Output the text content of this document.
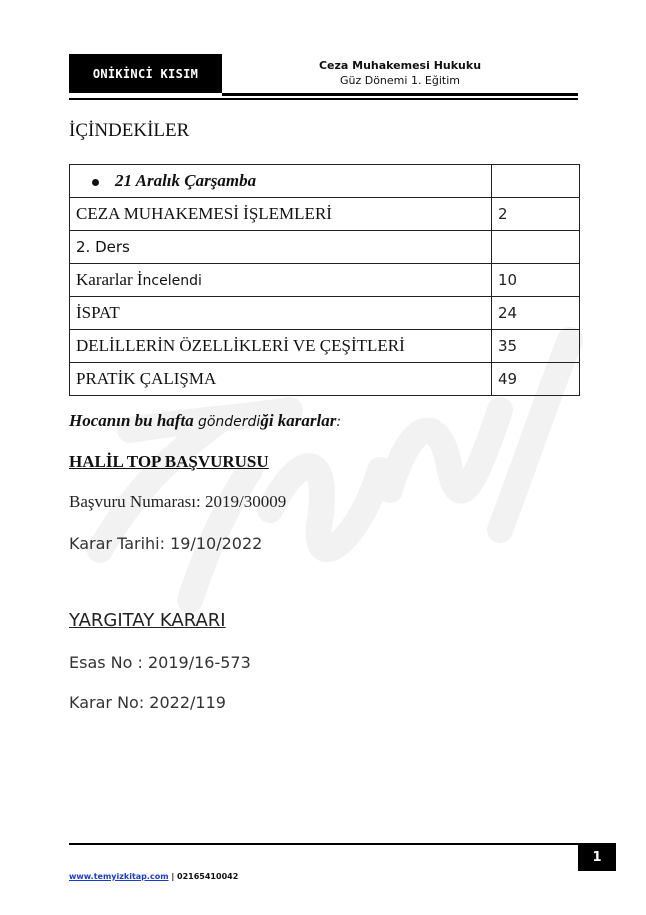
ONİKİNCİ KISIM
Ceza Muhakemesi Hukuku
Güz Dönemi 1. Eğitim
İÇİNDEKİLER
21 Aralık Çarşamba	
CEZA MUHAKEMESİ İŞLEMLERİ	2
2. Ders	
Kararlar İncelendi	10
İSPAT	24
DELİLLERİN ÖZELLİKLERİ VE ÇEŞİTLERİ	35
PRATİK ÇALIŞMA	49
Hocanın bu hafta gönderdiği kararlar:
HALİL TOP BAŞVURUSU
Başvuru Numarası: 2019/30009
Karar Tarihi: 19/10/2022
YARGITAY KARARI
Esas No : 2019/16-573
Karar No: 2022/119
1
www.temyizkitap.com | 02165410042
